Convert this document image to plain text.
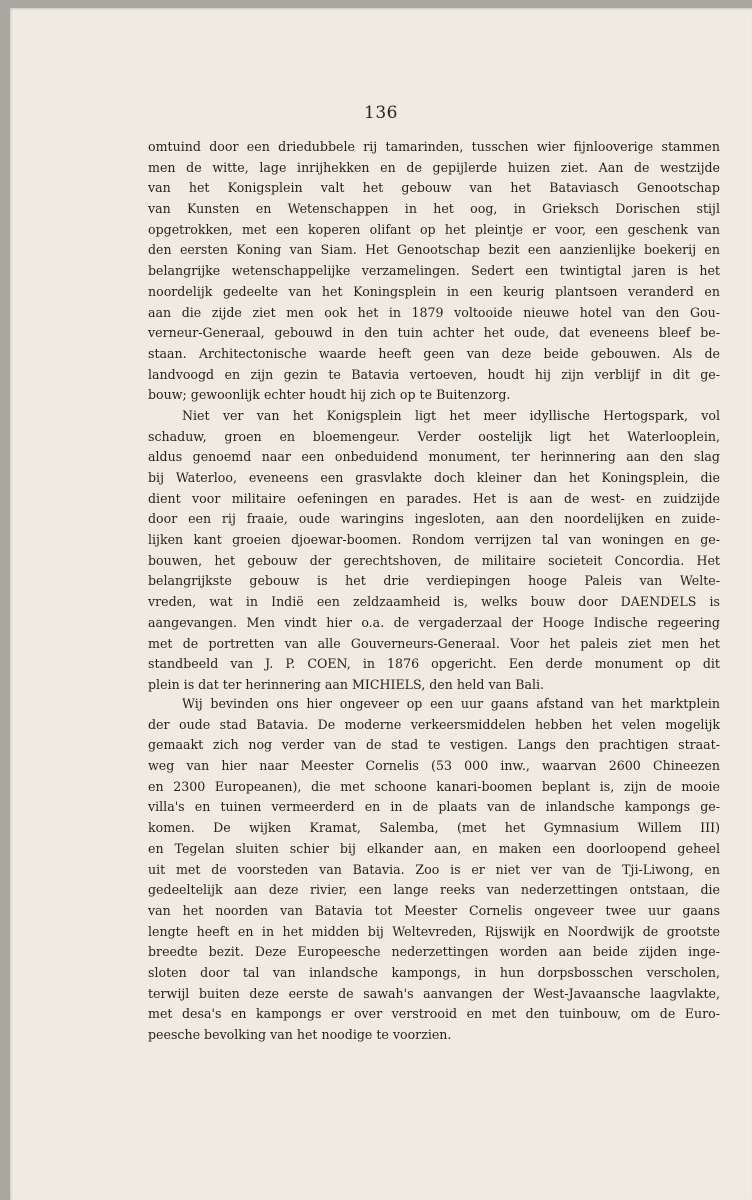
136
omtuind door een driedubbele rij tamarinden, tusschen wier fijnlooverige stammen
men de witte, lage inrijhekken en de gepijlerde huizen ziet. Aan de westzijde
van het Konigsplein valt het gebouw van het Bataviasch Genootschap
van Kunsten en Wetenschappen in het oog, in Grieksch Dorischen stijl
opgetrokken, met een koperen olifant op het pleintje er voor, een geschenk van
den eersten Koning van Siam. Het Genootschap bezit een aanzienlijke boekerij en
belangrijke wetenschappelijke verzamelingen. Sedert een twintigtal jaren is het
noordelijk gedeelte van het Koningsplein in een keurig plantsoen veranderd en
aan die zijde ziet men ook het in 1879 voltooide nieuwe hotel van den Gou-
verneur-Generaal, gebouwd in den tuin achter het oude, dat eveneens bleef be-
staan. Architectonische waarde heeft geen van deze beide gebouwen. Als de
landvoogd en zijn gezin te Batavia vertoeven, houdt hij zijn verblijf in dit ge-
bouw; gewoonlijk echter houdt hij zich op te Buitenzorg.
Niet ver van het Konigsplein ligt het meer idyllische Hertogspark, vol
schaduw, groen en bloemengeur. Verder oostelijk ligt het Waterlooplein,
aldus genoemd naar een onbeduidend monument, ter herinnering aan den slag
bij Waterloo, eveneens een grasvlakte doch kleiner dan het Koningsplein, die
dient voor militaire oefeningen en parades. Het is aan de west- en zuidzijde
door een rij fraaie, oude waringins ingesloten, aan den noordelijken en zuide-
lijken kant groeien djoewar-boomen. Rondom verrijzen tal van woningen en ge-
bouwen, het gebouw der gerechtshoven, de militaire societeit Concordia. Het
belangrijkste gebouw is het drie verdiepingen hooge Paleis van Welte-
vreden, wat in Indië een zeldzaamheid is, welks bouw door DAENDELS is
aangevangen. Men vindt hier o.a. de vergaderzaal der Hooge Indische regeering
met de portretten van alle Gouverneurs-Generaal. Voor het paleis ziet men het
standbeeld van J. P. COEN, in 1876 opgericht. Een derde monument op dit
plein is dat ter herinnering aan MICHIELS, den held van Bali.
Wij bevinden ons hier ongeveer op een uur gaans afstand van het marktplein
der oude stad Batavia. De moderne verkeersmiddelen hebben het velen mogelijk
gemaakt zich nog verder van de stad te vestigen. Langs den prachtigen straat-
weg van hier naar Meester Cornelis (53 000 inw., waarvan 2600 Chineezen
en 2300 Europeanen), die met schoone kanari-boomen beplant is, zijn de mooie
villa's en tuinen vermeerderd en in de plaats van de inlandsche kampongs ge-
komen. De wijken Kramat, Salemba, (met het Gymnasium Willem III)
en Tegelan sluiten schier bij elkander aan, en maken een doorloopend geheel
uit met de voorsteden van Batavia. Zoo is er niet ver van de Tji-Liwong, en
gedeeltelijk aan deze rivier, een lange reeks van nederzettingen ontstaan, die
van het noorden van Batavia tot Meester Cornelis ongeveer twee uur gaans
lengte heeft en in het midden bij Weltevreden, Rijswijk en Noordwijk de grootste
breedte bezit. Deze Europeesche nederzettingen worden aan beide zijden inge-
sloten door tal van inlandsche kampongs, in hun dorpsbosschen verscholen,
terwijl buiten deze eerste de sawah's aanvangen der West-Javaansche laagvlakte,
met desa's en kampongs er over verstrooid en met den tuinbouw, om de Euro-
peesche bevolking van het noodige te voorzien.
